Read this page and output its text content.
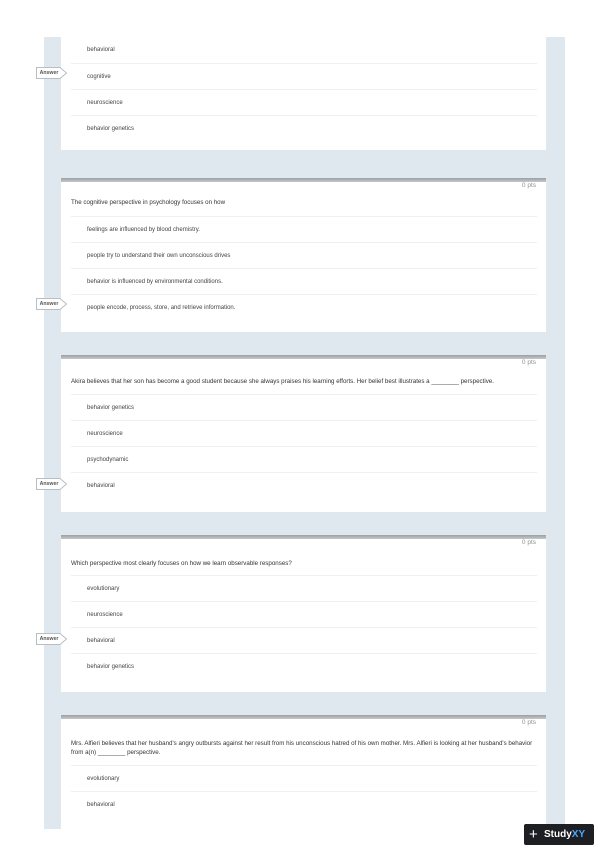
behavioral
cognitive
neuroscience
behavior genetics
0 pts
The cognitive perspective in psychology focuses on how
feelings are influenced by blood chemistry.
people try to understand their own unconscious drives
behavior is influenced by environmental conditions.
people encode, process, store, and retrieve information.
0 pts
Akira believes that her son has become a good student because she always praises his learning efforts. Her belief best illustrates a ________ perspective.
behavior genetics
neuroscience
psychodynamic
behavioral
0 pts
Which perspective most clearly focuses on how we learn observable responses?
evolutionary
neuroscience
behavioral
behavior genetics
0 pts
Mrs. Alfieri believes that her husband's angry outbursts against her result from his unconscious hatred of his own mother. Mrs. Alfieri is looking at her husband's behavior from a(n) ________ perspective.
evolutionary
behavioral
Answer
Answer
Answer
Answer
+ StudyXY
